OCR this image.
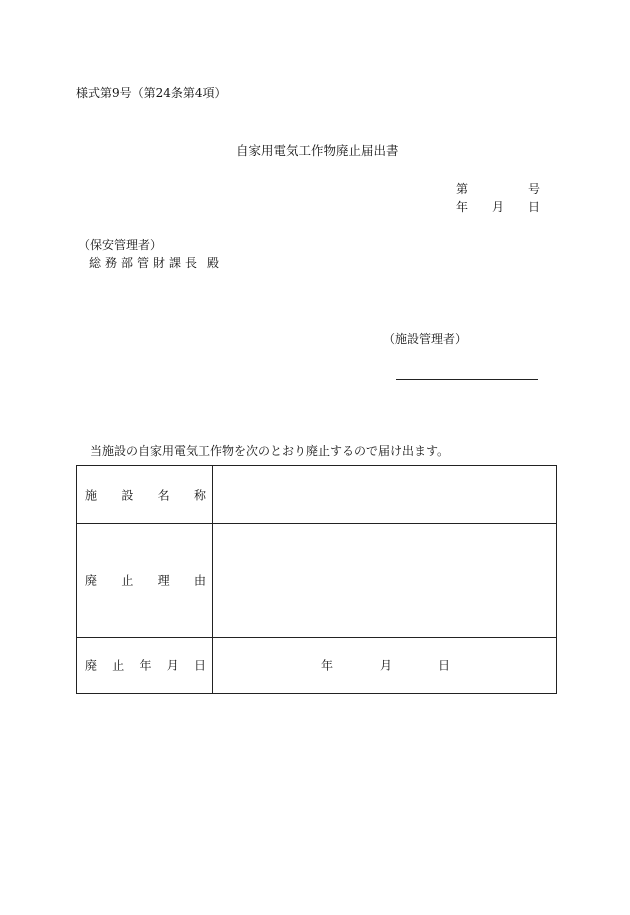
様式第9号（第24条第4項）
自家用電気工作物廃止届出書
第	号
年 月 日
（保安管理者）
総務部管財課長 殿
（施設管理者）
当施設の自家用電気工作物を次のとおり廃止するので届け出ます。
施 設 名 称
廃 止 理 由
廃 止 年 月 日	年	月	日
